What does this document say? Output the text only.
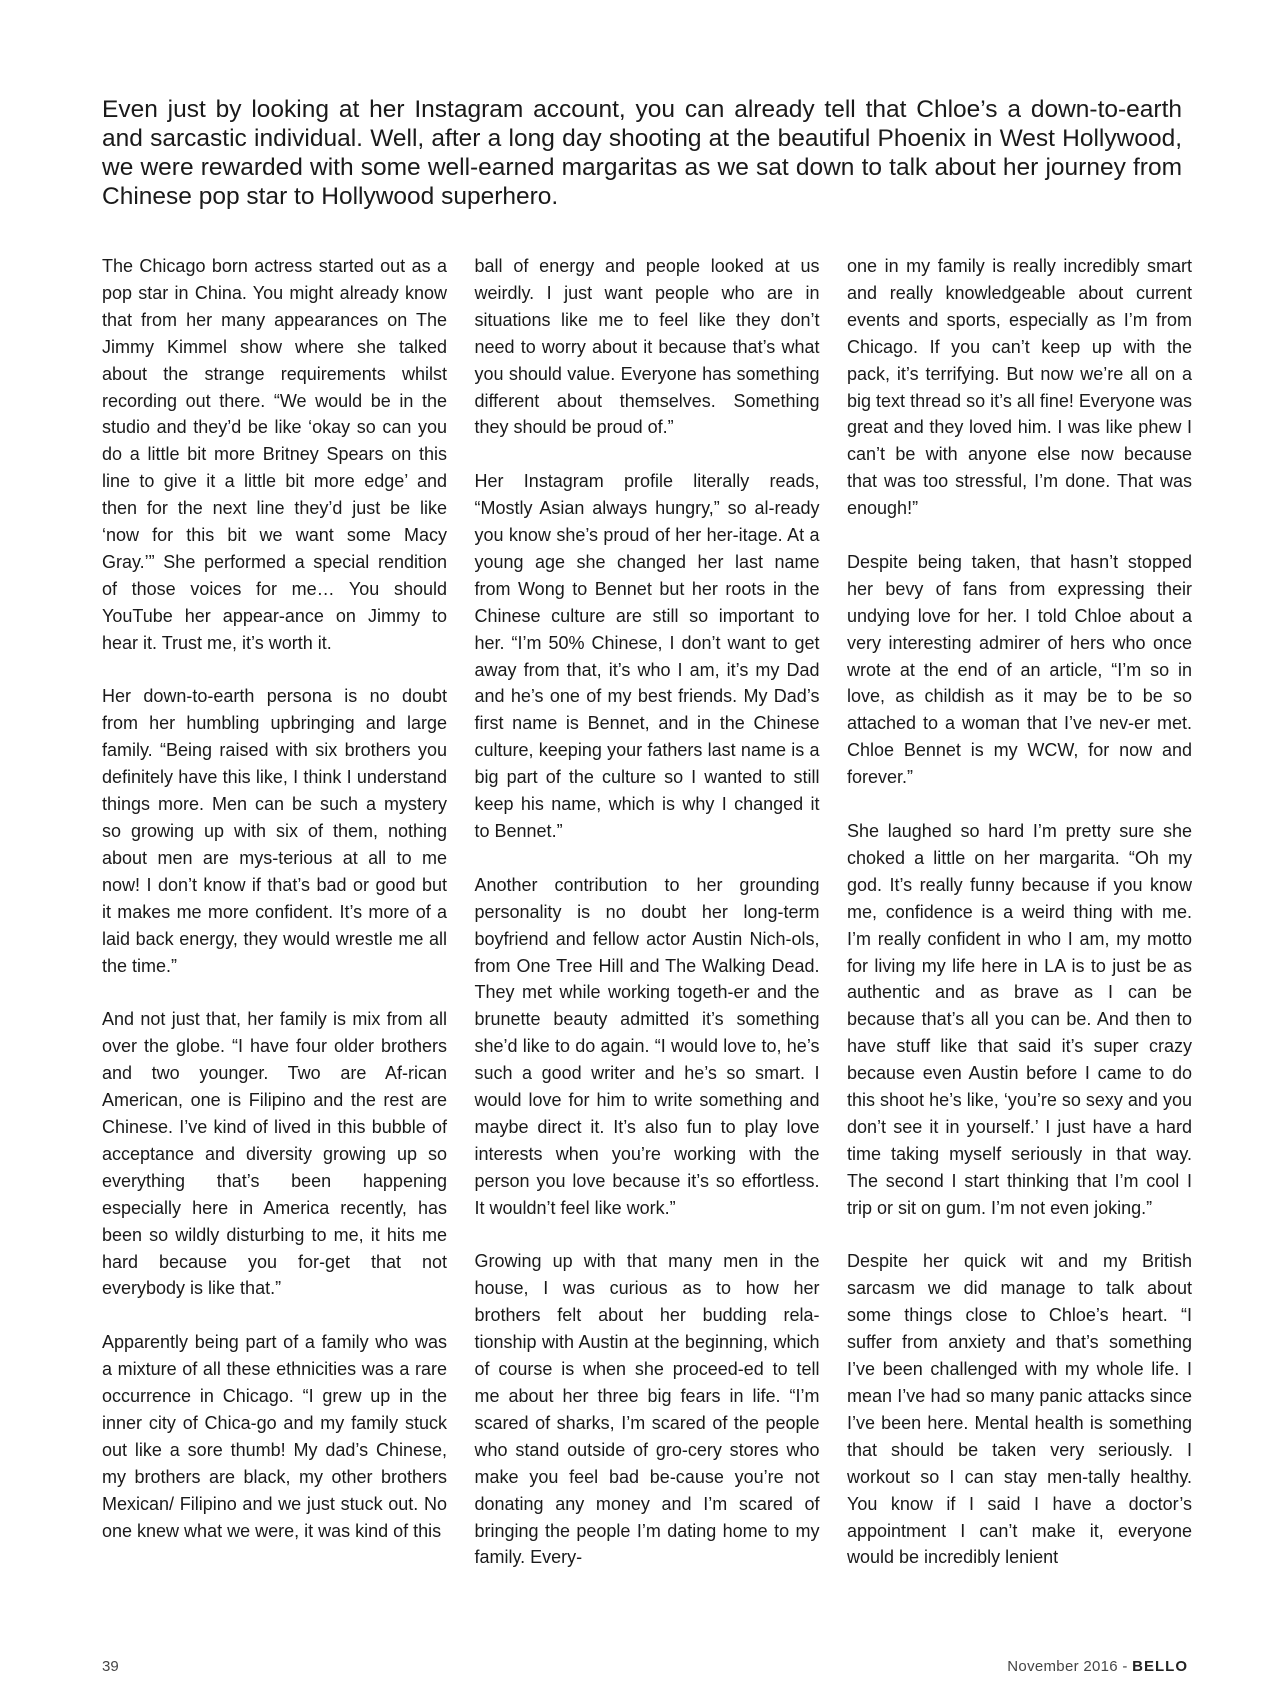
Even just by looking at her Instagram account, you can already tell that Chloe’s a down-to-earth and sarcastic individual. Well, after a long day shooting at the beautiful Phoenix in West Hollywood, we were rewarded with some well-earned margaritas as we sat down to talk about her journey from Chinese pop star to Hollywood superhero.

The Chicago born actress started out as a pop star in China. You might already know that from her many appearances on The Jimmy Kimmel show where she talked about the strange requirements whilst recording out there. “We would be in the studio and they’d be like ‘okay so can you do a little bit more Britney Spears on this line to give it a little bit more edge’ and then for the next line they’d just be like ‘now for this bit we want some Macy Gray.’” She performed a special rendition of those voices for me… You should YouTube her appear-ance on Jimmy to hear it. Trust me, it’s worth it.

Her down-to-earth persona is no doubt from her humbling upbringing and large family. “Being raised with six brothers you definitely have this like, I think I understand things more. Men can be such a mystery so growing up with six of them, nothing about men are mys-terious at all to me now! I don’t know if that’s bad or good but it makes me more confident. It’s more of a laid back energy, they would wrestle me all the time.”

And not just that, her family is mix from all over the globe. “I have four older brothers and two younger. Two are Af-rican American, one is Filipino and the rest are Chinese. I’ve kind of lived in this bubble of acceptance and diversity growing up so everything that’s been happening especially here in America recently, has been so wildly disturbing to me, it hits me hard because you for-get that not everybody is like that.”

Apparently being part of a family who was a mixture of all these ethnicities was a rare occurrence in Chicago. “I grew up in the inner city of Chica-go and my family stuck out like a sore thumb! My dad’s Chinese, my brothers are black, my other brothers Mexican/ Filipino and we just stuck out. No one knew what we were, it was kind of this

ball of energy and people looked at us weirdly. I just want people who are in situations like me to feel like they don’t need to worry about it because that’s what you should value. Everyone has something different about themselves. Something they should be proud of.”

Her Instagram profile literally reads, “Mostly Asian always hungry,” so al-ready you know she’s proud of her her-itage. At a young age she changed her last name from Wong to Bennet but her roots in the Chinese culture are still so important to her. “I’m 50% Chinese, I don’t want to get away from that, it’s who I am, it’s my Dad and he’s one of my best friends. My Dad’s first name is Bennet, and in the Chinese culture, keeping your fathers last name is a big part of the culture so I wanted to still keep his name, which is why I changed it to Bennet.”

Another contribution to her grounding personality is no doubt her long-term boyfriend and fellow actor Austin Nich-ols, from One Tree Hill and The Walking Dead. They met while working togeth-er and the brunette beauty admitted it’s something she’d like to do again. “I would love to, he’s such a good writer and he’s so smart. I would love for him to write something and maybe direct it. It’s also fun to play love interests when you’re working with the person you love because it’s so effortless. It wouldn’t feel like work.”

Growing up with that many men in the house, I was curious as to how her brothers felt about her budding rela-tionship with Austin at the beginning, which of course is when she proceed-ed to tell me about her three big fears in life. “I’m scared of sharks, I’m scared of the people who stand outside of gro-cery stores who make you feel bad be-cause you’re not donating any money and I’m scared of bringing the people I’m dating home to my family. Every-

one in my family is really incredibly smart and really knowledgeable about current events and sports, especially as I’m from Chicago. If you can’t keep up with the pack, it’s terrifying. But now we’re all on a big text thread so it’s all fine! Everyone was great and they loved him. I was like phew I can’t be with anyone else now because that was too stressful, I’m done. That was enough!”

Despite being taken, that hasn’t stopped her bevy of fans from expressing their undying love for her. I told Chloe about a very interesting admirer of hers who once wrote at the end of an article, “I’m so in love, as childish as it may be to be so attached to a woman that I’ve nev-er met. Chloe Bennet is my WCW, for now and forever.”

She laughed so hard I’m pretty sure she choked a little on her margarita. “Oh my god. It’s really funny because if you know me, confidence is a weird thing with me. I’m really confident in who I am, my motto for living my life here in LA is to just be as authentic and as brave as I can be because that’s all you can be. And then to have stuff like that said it’s super crazy because even Austin before I came to do this shoot he’s like, ‘you’re so sexy and you don’t see it in yourself.’ I just have a hard time taking myself seriously in that way. The second I start thinking that I’m cool I trip or sit on gum. I’m not even joking.”

Despite her quick wit and my British sarcasm we did manage to talk about some things close to Chloe’s heart. “I suffer from anxiety and that’s something I’ve been challenged with my whole life. I mean I’ve had so many panic attacks since I’ve been here. Mental health is something that should be taken very seriously. I workout so I can stay men-tally healthy. You know if I said I have a doctor’s appointment I can’t make it, everyone would be incredibly lenient

39	November 2016 - BELLO
